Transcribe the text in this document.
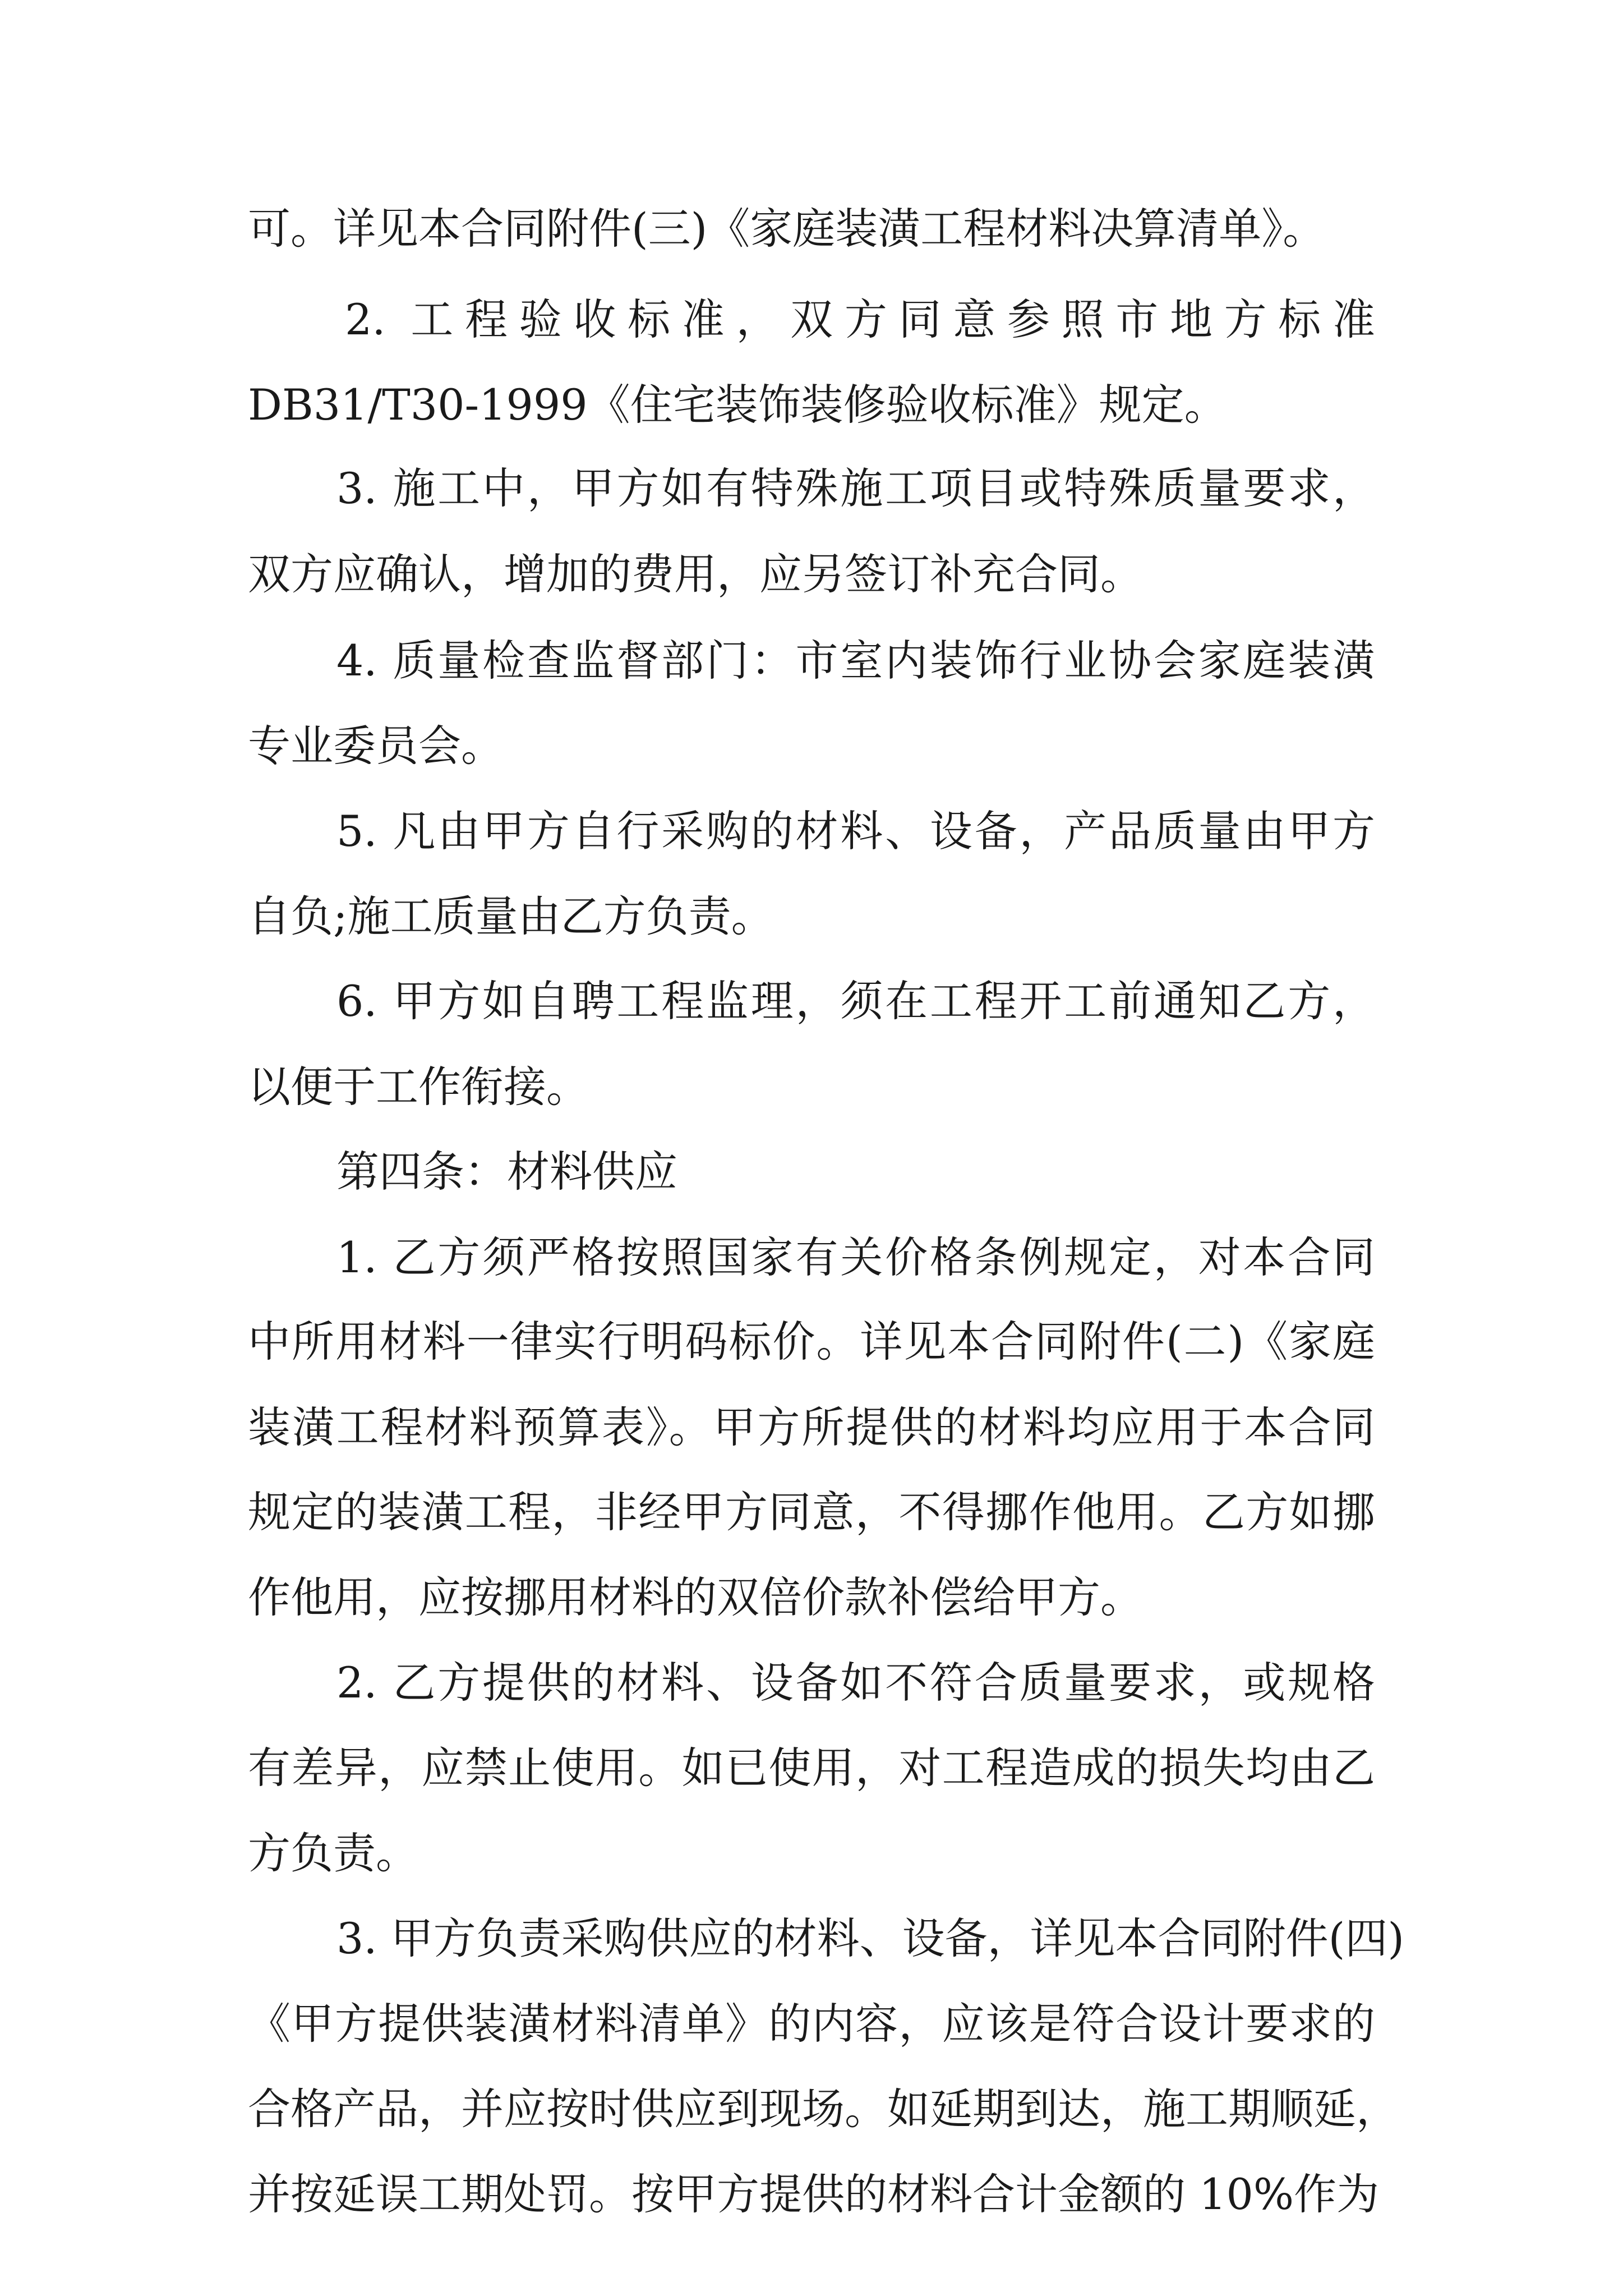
可。详见本合同附件(三)《家庭装潢工程材料决算清单》。
2. 工程验收标准，双方同意参照市地方标准
DB31/T30-1999《住宅装饰装修验收标准》规定。
3. 施工中，甲方如有特殊施工项目或特殊质量要求，
双方应确认，增加的费用，应另签订补充合同。
4. 质量检查监督部门：市室内装饰行业协会家庭装潢
专业委员会。
5. 凡由甲方自行采购的材料、设备，产品质量由甲方
自负;施工质量由乙方负责。
6. 甲方如自聘工程监理，须在工程开工前通知乙方，
以便于工作衔接。
第四条：材料供应
1. 乙方须严格按照国家有关价格条例规定，对本合同
中所用材料一律实行明码标价。详见本合同附件(二)《家庭
装潢工程材料预算表》。甲方所提供的材料均应用于本合同
规定的装潢工程，非经甲方同意，不得挪作他用。乙方如挪
作他用，应按挪用材料的双倍价款补偿给甲方。
2. 乙方提供的材料、设备如不符合质量要求，或规格
有差异，应禁止使用。如已使用，对工程造成的损失均由乙
方负责。
3. 甲方负责采购供应的材料、设备，详见本合同附件(四)
《甲方提供装潢材料清单》的内容，应该是符合设计要求的
合格产品，并应按时供应到现场。如延期到达，施工期顺延，
并按延误工期处罚。按甲方提供的材料合计金额的 10%作为
